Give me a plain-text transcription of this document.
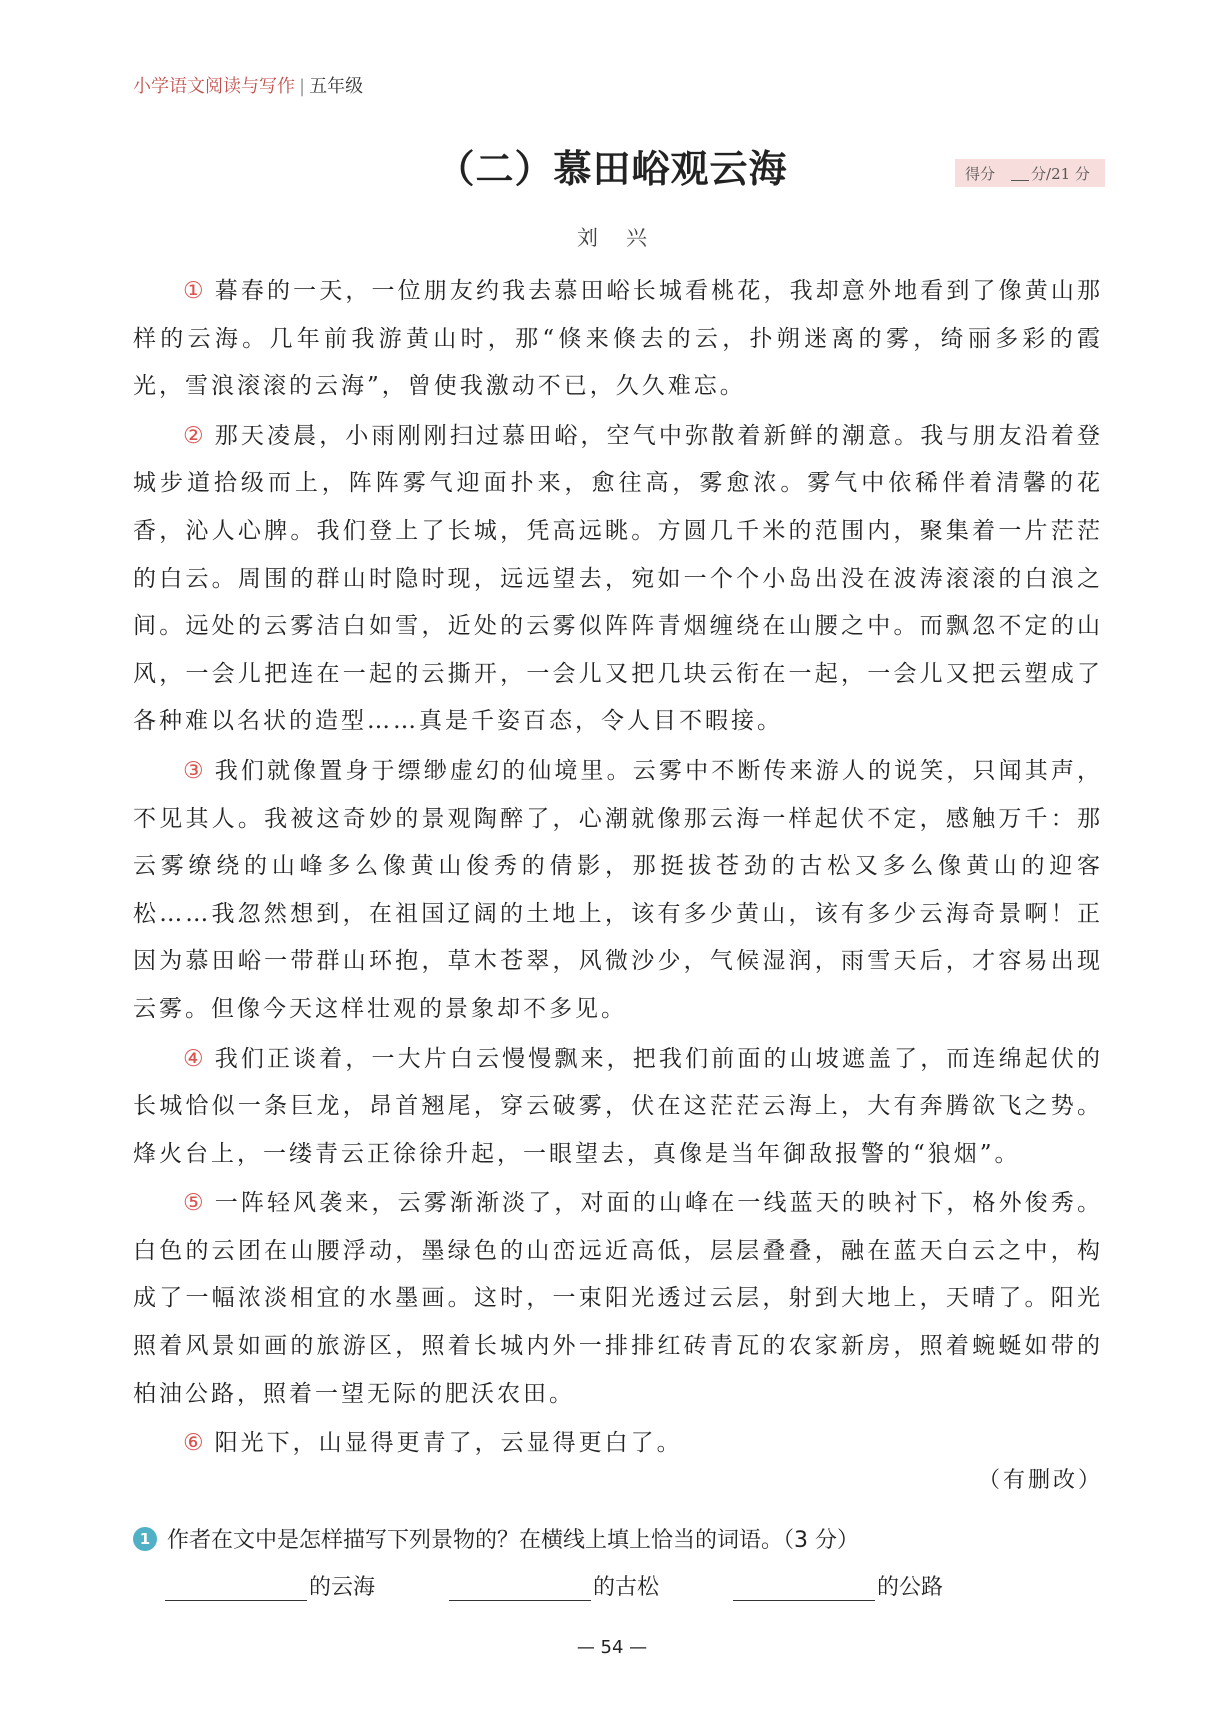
小学语文阅读与写作 | 五年级
（二）慕田峪观云海	得分 分/21 分
刘兴

① 暮春的一天，一位朋友约我去慕田峪长城看桃花，我却意外地看到了像黄山那样的云海。几年前我游黄山时，那“倏来倏去的云，扑朔迷离的雾，绮丽多彩的霞光，雪浪滚滚的云海”，曾使我激动不已，久久难忘。

② 那天凌晨，小雨刚刚扫过慕田峪，空气中弥散着新鲜的潮意。我与朋友沿着登城步道拾级而上，阵阵雾气迎面扑来，愈往高，雾愈浓。雾气中依稀伴着清馨的花香，沁人心脾。我们登上了长城，凭高远眺。方圆几千米的范围内，聚集着一片茫茫的白云。周围的群山时隐时现，远远望去，宛如一个个小岛出没在波涛滚滚的白浪之间。远处的云雾洁白如雪，近处的云雾似阵阵青烟缠绕在山腰之中。而飘忽不定的山风，一会儿把连在一起的云撕开，一会儿又把几块云衔在一起，一会儿又把云塑成了各种难以名状的造型……真是千姿百态，令人目不暇接。

③ 我们就像置身于缥缈虚幻的仙境里。云雾中不断传来游人的说笑，只闻其声，不见其人。我被这奇妙的景观陶醉了，心潮就像那云海一样起伏不定，感触万千：那云雾缭绕的山峰多么像黄山俊秀的倩影，那挺拔苍劲的古松又多么像黄山的迎客松……我忽然想到，在祖国辽阔的土地上，该有多少黄山，该有多少云海奇景啊！正因为慕田峪一带群山环抱，草木苍翠，风微沙少，气候湿润，雨雪天后，才容易出现云雾。但像今天这样壮观的景象却不多见。

④ 我们正谈着，一大片白云慢慢飘来，把我们前面的山坡遮盖了，而连绵起伏的长城恰似一条巨龙，昂首翘尾，穿云破雾，伏在这茫茫云海上，大有奔腾欲飞之势。烽火台上，一缕青云正徐徐升起，一眼望去，真像是当年御敌报警的“狼烟”。

⑤ 一阵轻风袭来，云雾渐渐淡了，对面的山峰在一线蓝天的映衬下，格外俊秀。白色的云团在山腰浮动，墨绿色的山峦远近高低，层层叠叠，融在蓝天白云之中，构成了一幅浓淡相宜的水墨画。这时，一束阳光透过云层，射到大地上，天晴了。阳光照着风景如画的旅游区，照着长城内外一排排红砖青瓦的农家新房，照着蜿蜒如带的柏油公路，照着一望无际的肥沃农田。

⑥ 阳光下，山显得更青了，云显得更白了。

（有删改）
1 作者在文中是怎样描写下列景物的？在横线上填上恰当的词语。（3 分）
的云海	的古松	的公路
— 54 —
